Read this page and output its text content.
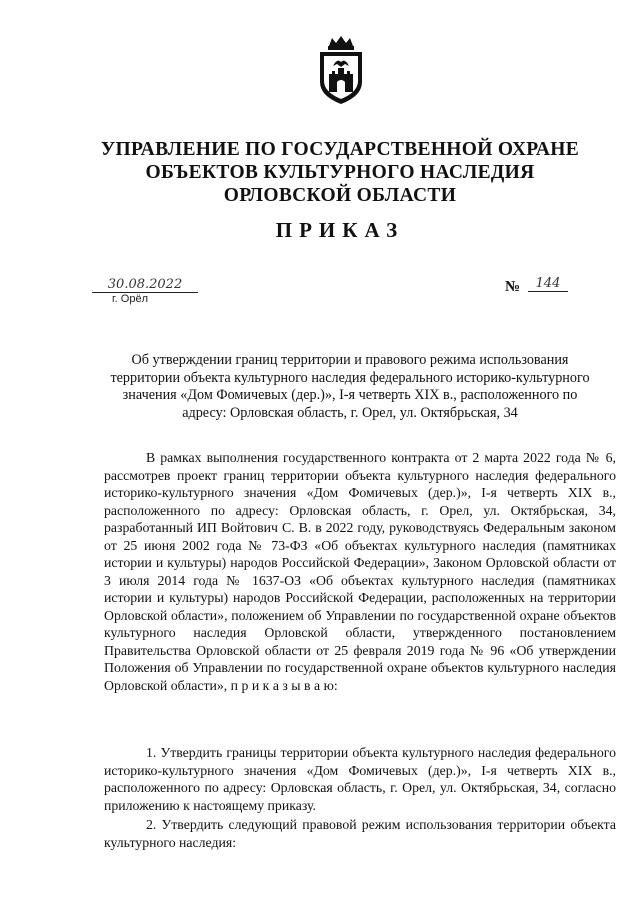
УПРАВЛЕНИЕ ПО ГОСУДАРСТВЕННОЙ ОХРАНЕ
ОБЪЕКТОВ КУЛЬТУРНОГО НАСЛЕДИЯ
ОРЛОВСКОЙ ОБЛАСТИ
ПРИКАЗ
30.08.2022
г. Орёл
№	144
Об утверждении границ территории и правового режима использования территории объекта культурного наследия федерального историко-культурного значения «Дом Фомичевых (дер.)», I-я четверть XIX в., расположенного по адресу: Орловская область, г. Орел, ул. Октябрьская, 34

В рамках выполнения государственного контракта от 2 марта 2022 года № 6, рассмотрев проект границ территории объекта культурного наследия федерального историко-культурного значения «Дом Фомичевых (дер.)», I-я четверть XIX в., расположенного по адресу: Орловская область, г. Орел, ул. Октябрьская, 34, разработанный ИП Войтович С. В. в 2022 году, руководствуясь Федеральным законом от 25 июня 2002 года № 73-ФЗ «Об объектах культурного наследия (памятниках истории и культуры) народов Российской Федерации», Законом Орловской области от 3 июля 2014 года № 1637-ОЗ «Об объектах культурного наследия (памятниках истории и культуры) народов Российской Федерации, расположенных на территории Орловской области», положением об Управлении по государственной охране объектов культурного наследия Орловской области, утвержденного постановлением Правительства Орловской области от 25 февраля 2019 года № 96 «Об утверждении Положения об Управлении по государственной охране объектов культурного наследия Орловской области», п р и к а з ы в а ю:

1. Утвердить границы территории объекта культурного наследия федерального историко-культурного значения «Дом Фомичевых (дер.)», I-я четверть XIX в., расположенного по адресу: Орловская область, г. Орел, ул. Октябрьская, 34, согласно приложению к настоящему приказу.

2. Утвердить следующий правовой режим использования территории объекта культурного наследия:
